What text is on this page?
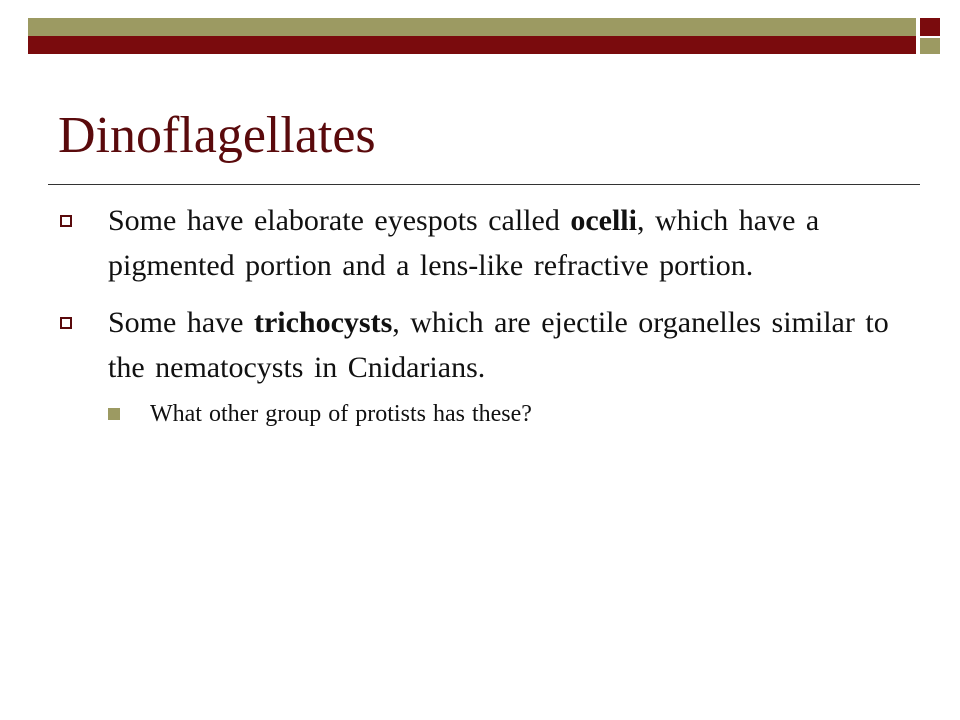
Dinoflagellates
Some have elaborate eyespots called ocelli, which have a pigmented portion and a lens-like refractive portion.
Some have trichocysts, which are ejectile organelles similar to the nematocysts in Cnidarians.
What other group of protists has these?
